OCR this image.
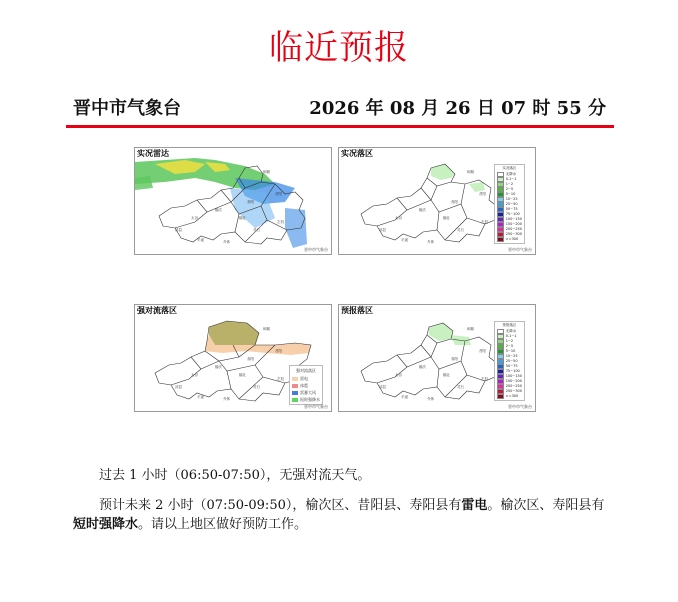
临近预报
晋中市气象台	2026 年 08 月 26 日 07 时 55 分
实况雷达
晋中市气象台
和顺
昔阳
寿阳
榆次
太谷
祁县
平遥	介休
灵石
左权
榆社
实况落区
实况落区
无降水
0.1~1
1~2
2~5
5~10
10~25
25~50
50~75
75~100
100~150
150~200
200~250
250~300
>=300
晋中市气象台
和顺
昔阳
寿阳
榆次
太谷
祁县
平遥	介休
灵石
左权
榆社
强对流落区
强对流落区
雷电
冰雹
雷暴大风
短时强降水
晋中市气象台
和顺
昔阳
寿阳
榆次
太谷
祁县
平遥	介休
灵石
左权
榆社
预报落区
预报落区
无降水
0.1~1
1~2
2~5
5~10
10~25
25~50
50~75
75~100
100~150
150~200
200~250
250~300
>=300
晋中市气象台
和顺
昔阳
寿阳
榆次
太谷
祁县
平遥	介休
灵石
左权
榆社
过去 1 小时（06:50-07:50），无强对流天气。
预计未来 2 小时（07:50-09:50），榆次区、昔阳县、寿阳县有雷电。榆次区、寿阳县有短时强降水。请以上地区做好预防工作。
